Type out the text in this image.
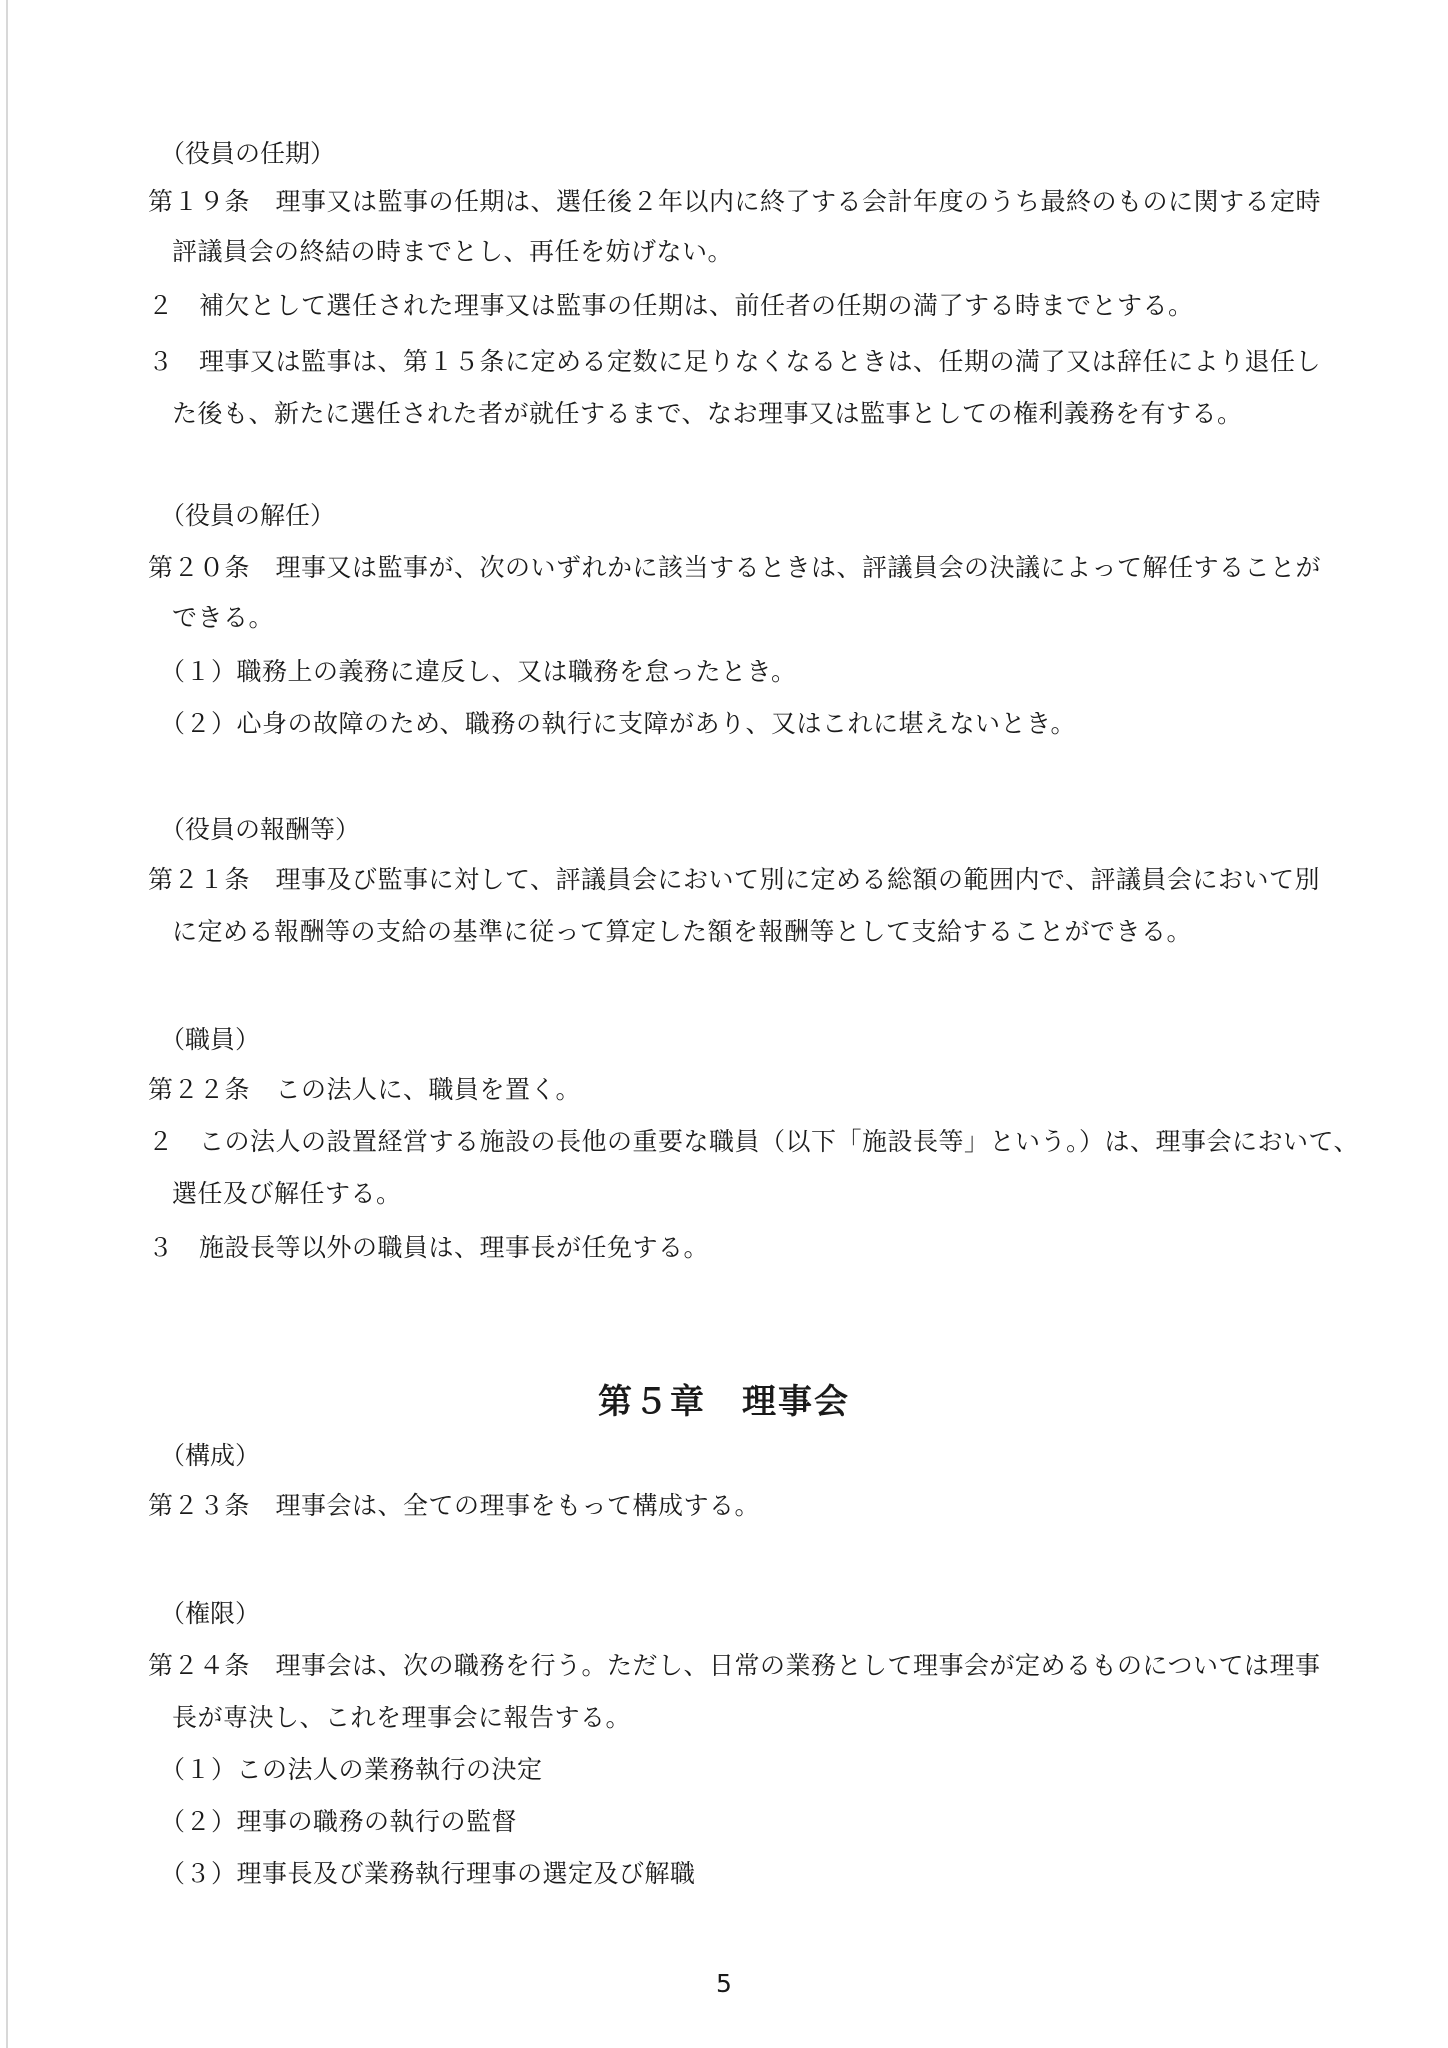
（役員の任期）
第１９条　理事又は監事の任期は、選任後２年以内に終了する会計年度のうち最終のものに関する定時
評議員会の終結の時までとし、再任を妨げない。
２　補欠として選任された理事又は監事の任期は、前任者の任期の満了する時までとする。
３　理事又は監事は、第１５条に定める定数に足りなくなるときは、任期の満了又は辞任により退任し
た後も、新たに選任された者が就任するまで、なお理事又は監事としての権利義務を有する。
（役員の解任）
第２０条　理事又は監事が、次のいずれかに該当するときは、評議員会の決議によって解任することが
できる。
（１）職務上の義務に違反し、又は職務を怠ったとき。
（２）心身の故障のため、職務の執行に支障があり、又はこれに堪えないとき。
（役員の報酬等）
第２１条　理事及び監事に対して、評議員会において別に定める総額の範囲内で、評議員会において別
に定める報酬等の支給の基準に従って算定した額を報酬等として支給することができる。
（職員）
第２２条　この法人に、職員を置く。
２　この法人の設置経営する施設の長他の重要な職員（以下「施設長等」という。）は、理事会において、
選任及び解任する。
３　施設長等以外の職員は、理事長が任免する。
第５章　理事会
（構成）
第２３条　理事会は、全ての理事をもって構成する。
（権限）
第２４条　理事会は、次の職務を行う。ただし、日常の業務として理事会が定めるものについては理事
長が専決し、これを理事会に報告する。
（１）この法人の業務執行の決定
（２）理事の職務の執行の監督
（３）理事長及び業務執行理事の選定及び解職
5
